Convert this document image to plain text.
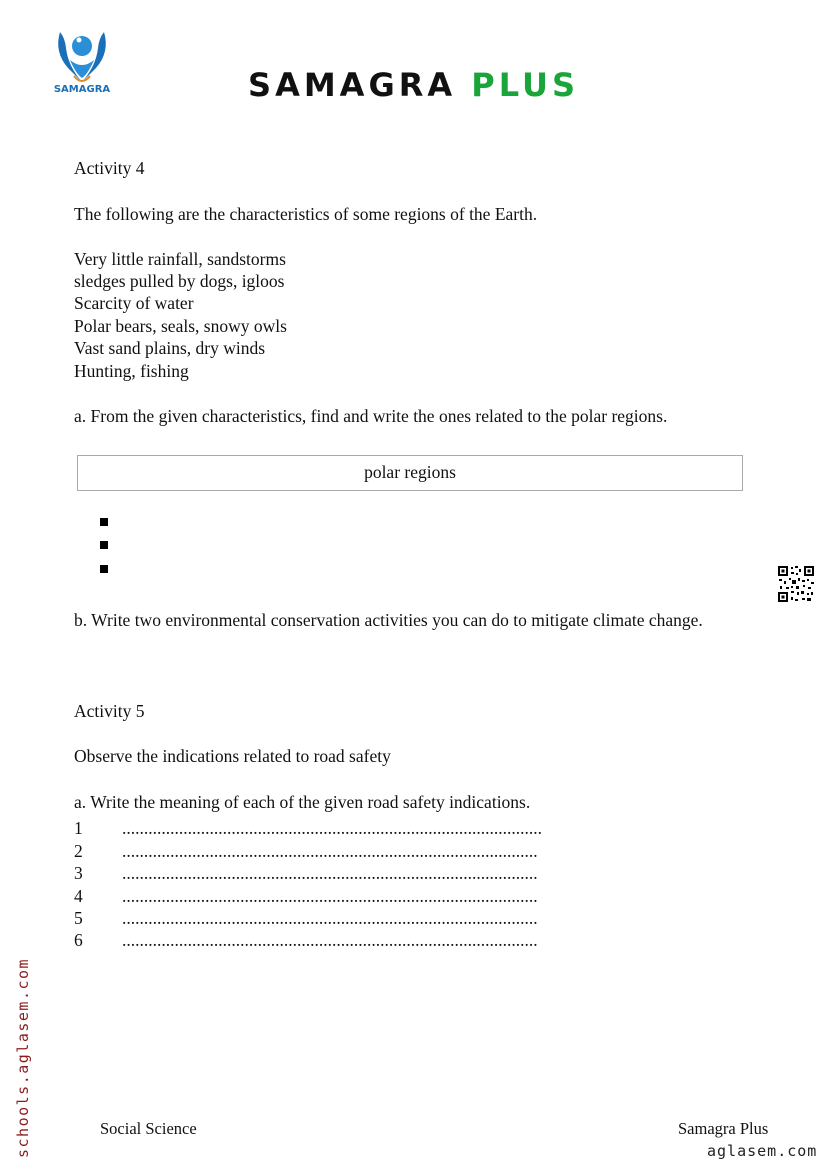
SAMAGRA	SAMAGRA PLUS
Activity 4
The following are the characteristics of some regions of the Earth.
Very little rainfall, sandstorms
sledges pulled by dogs, igloos
Scarcity of water
Polar bears, seals, snowy owls
Vast sand plains, dry winds
Hunting, fishing
a. From the given characteristics, find and write the ones related to the polar regions.
polar regions
b. Write two environmental conservation activities you can do to mitigate climate change.
Activity 5
Observe the indications related to road safety
a. Write the meaning of each of the given road safety indications.
1 ................................................................................................
2 ...............................................................................................
3 ...............................................................................................
4 ...............................................................................................
5 ...............................................................................................
6 ...............................................................................................
schools.aglasem.com	Social Science	Samagra Plus
aglasem.com
